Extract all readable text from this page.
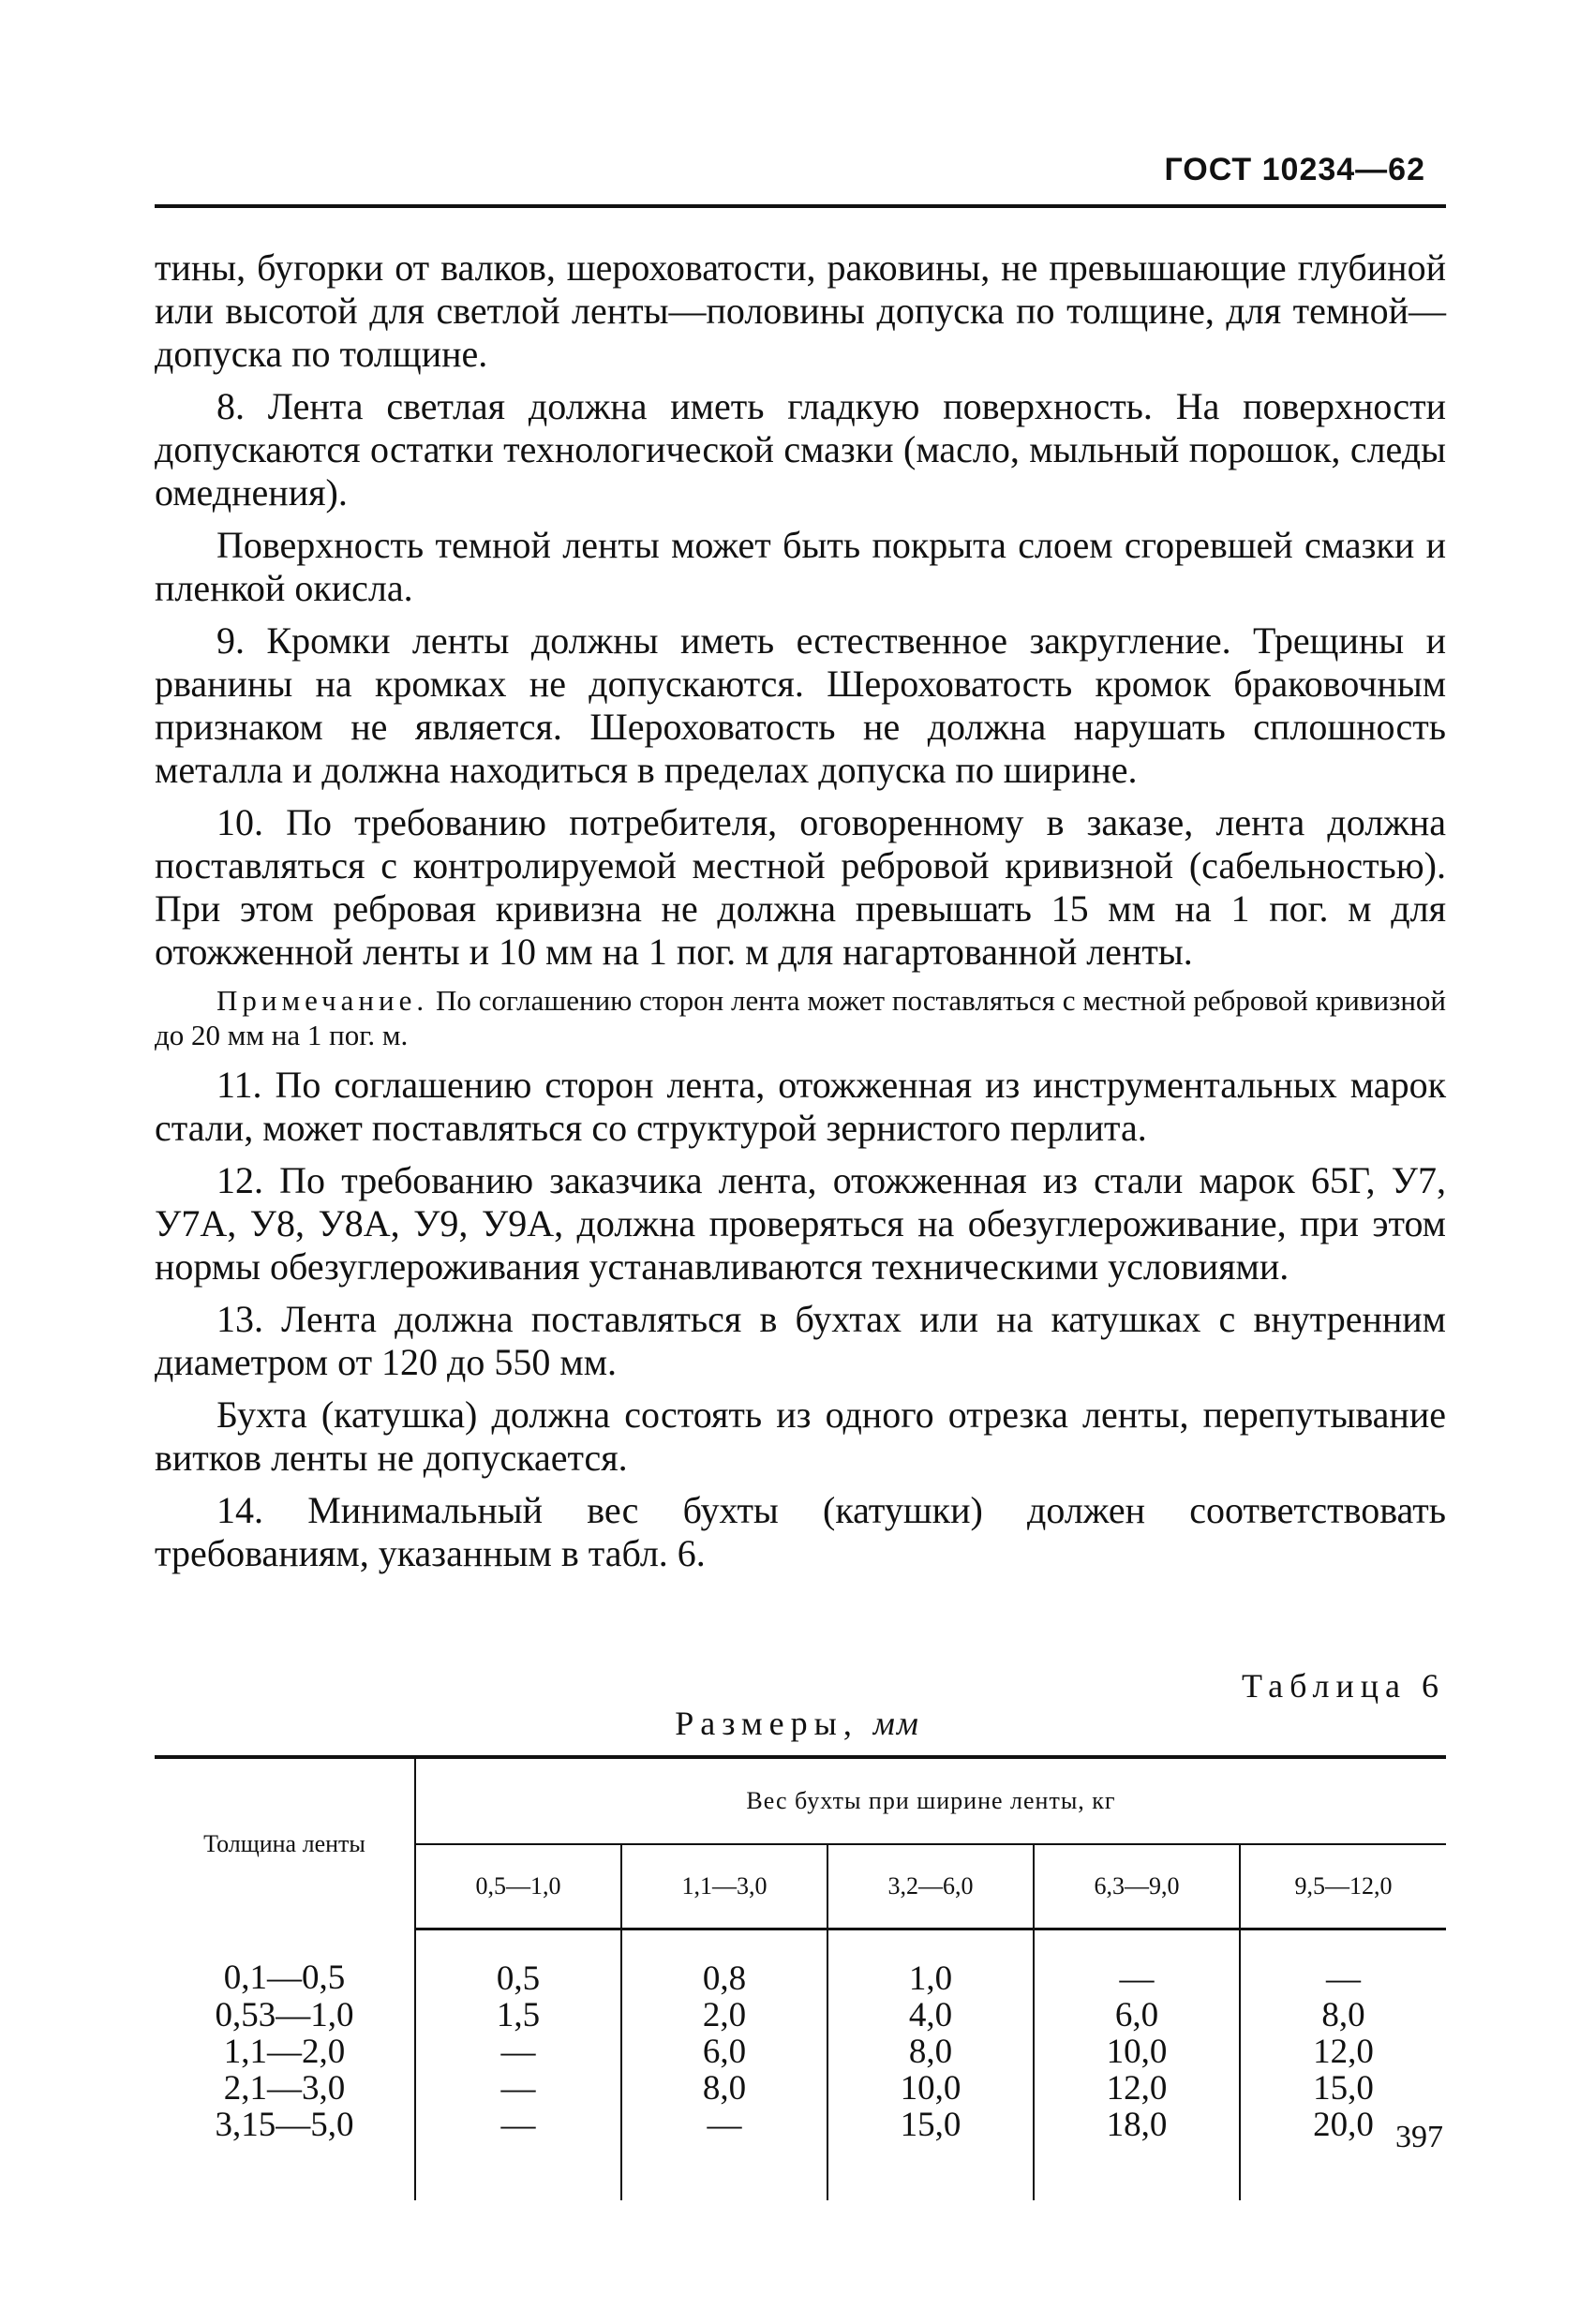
ГОСТ 10234—62

тины, бугорки от валков, шероховатости, раковины, не превышающие глубиной или высотой для светлой ленты—половины допуска по толщине, для темной—допуска по толщине.

8. Лента светлая должна иметь гладкую поверхность. На поверхности допускаются остатки технологической смазки (масло, мыльный порошок, следы омеднения).

Поверхность темной ленты может быть покрыта слоем сгоревшей смазки и пленкой окисла.

9. Кромки ленты должны иметь естественное закругление. Трещины и рванины на кромках не допускаются. Шероховатость кромок браковочным признаком не является. Шероховатость не должна нарушать сплошность металла и должна находиться в пределах допуска по ширине.

10. По требованию потребителя, оговоренному в заказе, лента должна поставляться с контролируемой местной ребровой кривизной (сабельностью). При этом ребровая кривизна не должна превышать 15 мм на 1 пог. м для отожженной ленты и 10 мм на 1 пог. м для нагартованной ленты.

Примечание. По соглашению сторон лента может поставляться с местной ребровой кривизной до 20 мм на 1 пог. м.

11. По соглашению сторон лента, отожженная из инструментальных марок стали, может поставляться со структурой зернистого перлита.

12. По требованию заказчика лента, отожженная из стали марок 65Г, У7, У7А, У8, У8А, У9, У9А, должна проверяться на обезуглероживание, при этом нормы обезуглероживания устанавливаются техническими условиями.

13. Лента должна поставляться в бухтах или на катушках с внутренним диаметром от 120 до 550 мм.

Бухта (катушка) должна состоять из одного отрезка ленты, перепутывание витков ленты не допускается.

14. Минимальный вес бухты (катушки) должен соответствовать требованиям, указанным в табл. 6.

Таблица 6
Размеры, мм
Толщина ленты	Вес бухты при ширине ленты, кг				
	0,5—1,0	1,1—3,0	3,2—6,0	6,3—9,0	9,5—12,0
0,1—0,5	0,5	0,8	1,0	—	—
0,53—1,0	1,5	2,0	4,0	6,0	8,0
1,1—2,0	—	6,0	8,0	10,0	12,0
2,1—3,0	—	8,0	10,0	12,0	15,0
3,15—5,0	—	—	15,0	18,0	20,0 397
